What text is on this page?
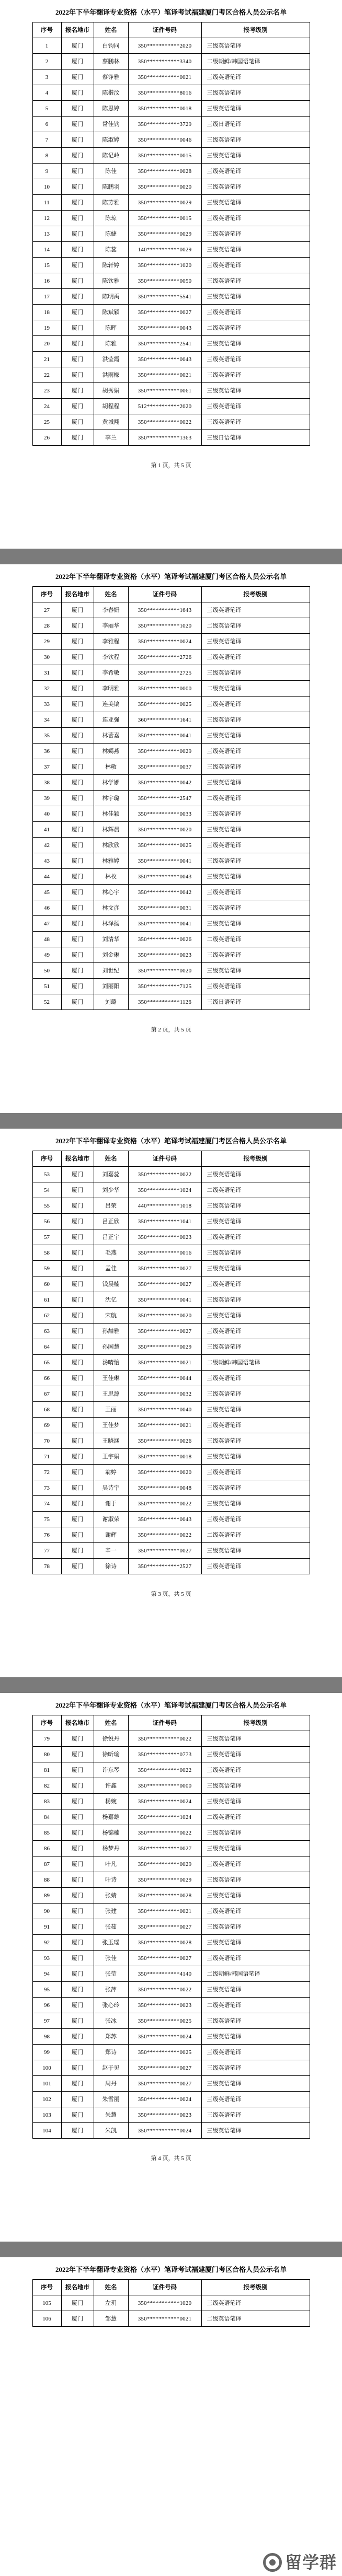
2022年下半年翻译专业资格（水平）笔译考试福建厦门考区合格人员公示名单
序号	报名地市	姓名	证件号码	报考级别
1	厦门	白钧同	350***********2020	三级英语笔译
2	厦门	蔡鹏林	350***********3340	二级朝鲜/韩国语笔译
3	厦门	蔡铮雅	350***********0021	三级英语笔译
4	厦门	陈楷汶	350***********8016	三级英语笔译
5	厦门	陈思婷	350***********0018	三级英语笔译
6	厦门	常佳钧	350***********3729	三级日语笔译
7	厦门	陈淑婷	350***********0046	三级英语笔译
8	厦门	陈记岭	350***********0015	三级英语笔译
9	厦门	陈佳	350***********0028	三级英语笔译
10	厦门	陈鹏羽	350***********0020	三级英语笔译
11	厦门	陈芳雅	350***********0029	三级英语笔译
12	厦门	陈琼	350***********0015	三级英语笔译
13	厦门	陈婕	350***********0029	三级英语笔译
14	厦门	陈蕊	140***********0029	三级英语笔译
15	厦门	陈轩婷	350***********1020	三级英语笔译
16	厦门	陈钦雅	350***********0050	三级英语笔译
17	厦门	陈明禹	350***********5541	三级英语笔译
18	厦门	陈斌颖	350***********0027	三级英语笔译
19	厦门	陈晖	350***********0043	二级英语笔译
20	厦门	陈雅	350***********2541	三级英语笔译
21	厦门	洪莹霞	350***********0043	三级英语笔译
22	厦门	洪雨檬	350***********0021	三级英语笔译
23	厦门	胡秀娟	350***********0061	三级英语笔译
24	厦门	胡程程	512***********2020	三级英语笔译
25	厦门	黄城翔	350***********0022	三级英语笔译
26	厦门	李兰	350***********1363	三级日语笔译
第 1 页，共 5 页
2022年下半年翻译专业资格（水平）笔译考试福建厦门考区合格人员公示名单
序号	报名地市	姓名	证件号码	报考级别
27	厦门	李春妍	350***********1643	三级英语笔译
28	厦门	李丽华	350***********1020	二级英语笔译
29	厦门	李雅程	350***********0024	三级英语笔译
30	厦门	李钦程	350***********2726	三级英语笔译
31	厦门	李希敏	350***********2725	三级英语笔译
32	厦门	李明雅	350***********0000	二级英语笔译
33	厦门	连美镐	350***********0025	三级英语笔译
34	厦门	连亚强	360***********1641	三级英语笔译
35	厦门	林蕾嘉	350***********0041	三级英语笔译
36	厦门	林嫣燕	350***********0029	三级英语笔译
37	厦门	林敏	350***********0037	三级英语笔译
38	厦门	林学娜	350***********0042	三级英语笔译
39	厦门	林宇璐	350***********2547	二级英语笔译
40	厦门	林佳颖	350***********0033	三级英语笔译
41	厦门	林辉晨	350***********0020	三级英语笔译
42	厦门	林欣欣	350***********0025	三级英语笔译
43	厦门	林雅婷	350***********0041	三级英语笔译
44	厦门	林枚	350***********0043	三级英语笔译
45	厦门	林心宇	350***********0042	三级英语笔译
46	厦门	林文彦	350***********0031	三级英语笔译
47	厦门	林泽扬	350***********0041	三级英语笔译
48	厦门	刘清华	350***********0026	二级英语笔译
49	厦门	刘金琳	350***********0023	三级英语笔译
50	厦门	刘世纪	350***********0020	三级英语笔译
51	厦门	刘丽阳	350***********7125	三级英语笔译
52	厦门	刘璐	350***********1126	三级日语笔译
第 2 页，共 5 页
2022年下半年翻译专业资格（水平）笔译考试福建厦门考区合格人员公示名单
序号	报名地市	姓名	证件号码	报考级别
53	厦门	刘嘉蕊	350***********0022	三级英语笔译
54	厦门	刘少华	350***********1024	二级英语笔译
55	厦门	吕荣	440***********1018	三级英语笔译
56	厦门	吕正欣	350***********1041	三级英语笔译
57	厦门	吕正宇	350***********0023	三级英语笔译
58	厦门	毛燕	350***********0016	三级英语笔译
59	厦门	孟佳	350***********0027	三级英语笔译
60	厦门	钱晨楠	350***********0027	三级英语笔译
61	厦门	沈亿	350***********0041	三级英语笔译
62	厦门	宋航	350***********0020	三级英语笔译
63	厦门	孙喆雅	350***********0027	三级英语笔译
64	厦门	孙国慧	350***********0029	三级英语笔译
65	厦门	汤晴怡	350***********0021	二级朝鲜/韩国语笔译
66	厦门	王佳琳	350***********0044	三级英语笔译
67	厦门	王思源	350***********0032	三级英语笔译
68	厦门	王丽	350***********0040	三级英语笔译
69	厦门	王佳梦	350***********0021	三级英语笔译
70	厦门	王晓涵	350***********0026	三级英语笔译
71	厦门	王宇娟	350***********0018	三级英语笔译
72	厦门	翁婷	350***********0020	三级英语笔译
73	厦门	吴诗宇	350***********0048	三级英语笔译
74	厦门	谢于	350***********0022	三级英语笔译
75	厦门	谢淑荣	350***********0043	三级英语笔译
76	厦门	谢辉	350***********0022	二级英语笔译
77	厦门	辛一	350***********0027	三级英语笔译
78	厦门	徐诗	350***********2527	三级英语笔译
第 3 页，共 5 页
2022年下半年翻译专业资格（水平）笔译考试福建厦门考区合格人员公示名单
序号	报名地市	姓名	证件号码	报考级别
79	厦门	徐悦丹	350***********0022	三级英语笔译
80	厦门	徐昕瑜	350***********0773	三级英语笔译
81	厦门	许东琴	350***********0022	三级英语笔译
82	厦门	许鑫	350***********0000	三级英语笔译
83	厦门	杨婉	350***********0024	三级英语笔译
84	厦门	杨嘉雄	350***********1024	二级英语笔译
85	厦门	杨锦楠	350***********0022	三级英语笔译
86	厦门	杨梦丹	350***********0027	三级英语笔译
87	厦门	叶凡	350***********0029	三级英语笔译
88	厦门	叶诗	350***********0029	三级英语笔译
89	厦门	张婧	350***********0028	三级英语笔译
90	厦门	张建	350***********0021	三级英语笔译
91	厦门	张茹	350***********0027	三级英语笔译
92	厦门	张玉瑶	350***********0028	三级英语笔译
93	厦门	张佳	350***********0027	三级英语笔译
94	厦门	张莹	350***********4140	二级朝鲜/韩国语笔译
95	厦门	张萍	350***********0022	三级英语笔译
96	厦门	张心玲	350***********0023	二级英语笔译
97	厦门	张冰	350***********0025	三级英语笔译
98	厦门	郑苏	350***********0024	三级英语笔译
99	厦门	郑诗	350***********0025	三级英语笔译
100	厦门	赵于见	350***********0027	三级英语笔译
101	厦门	周丹	350***********0027	三级英语笔译
102	厦门	朱雪丽	350***********0024	三级英语笔译
103	厦门	朱慧	350***********0023	三级英语笔译
104	厦门	朱凯	350***********0024	三级英语笔译
第 4 页，共 5 页
2022年下半年翻译专业资格（水平）笔译考试福建厦门考区合格人员公示名单
序号	报名地市	姓名	证件号码	报考级别
105	厦门	左玥	350***********1020	三级英语笔译
106	厦门	邹慧	350***********0021	二级英语笔译
留学群
